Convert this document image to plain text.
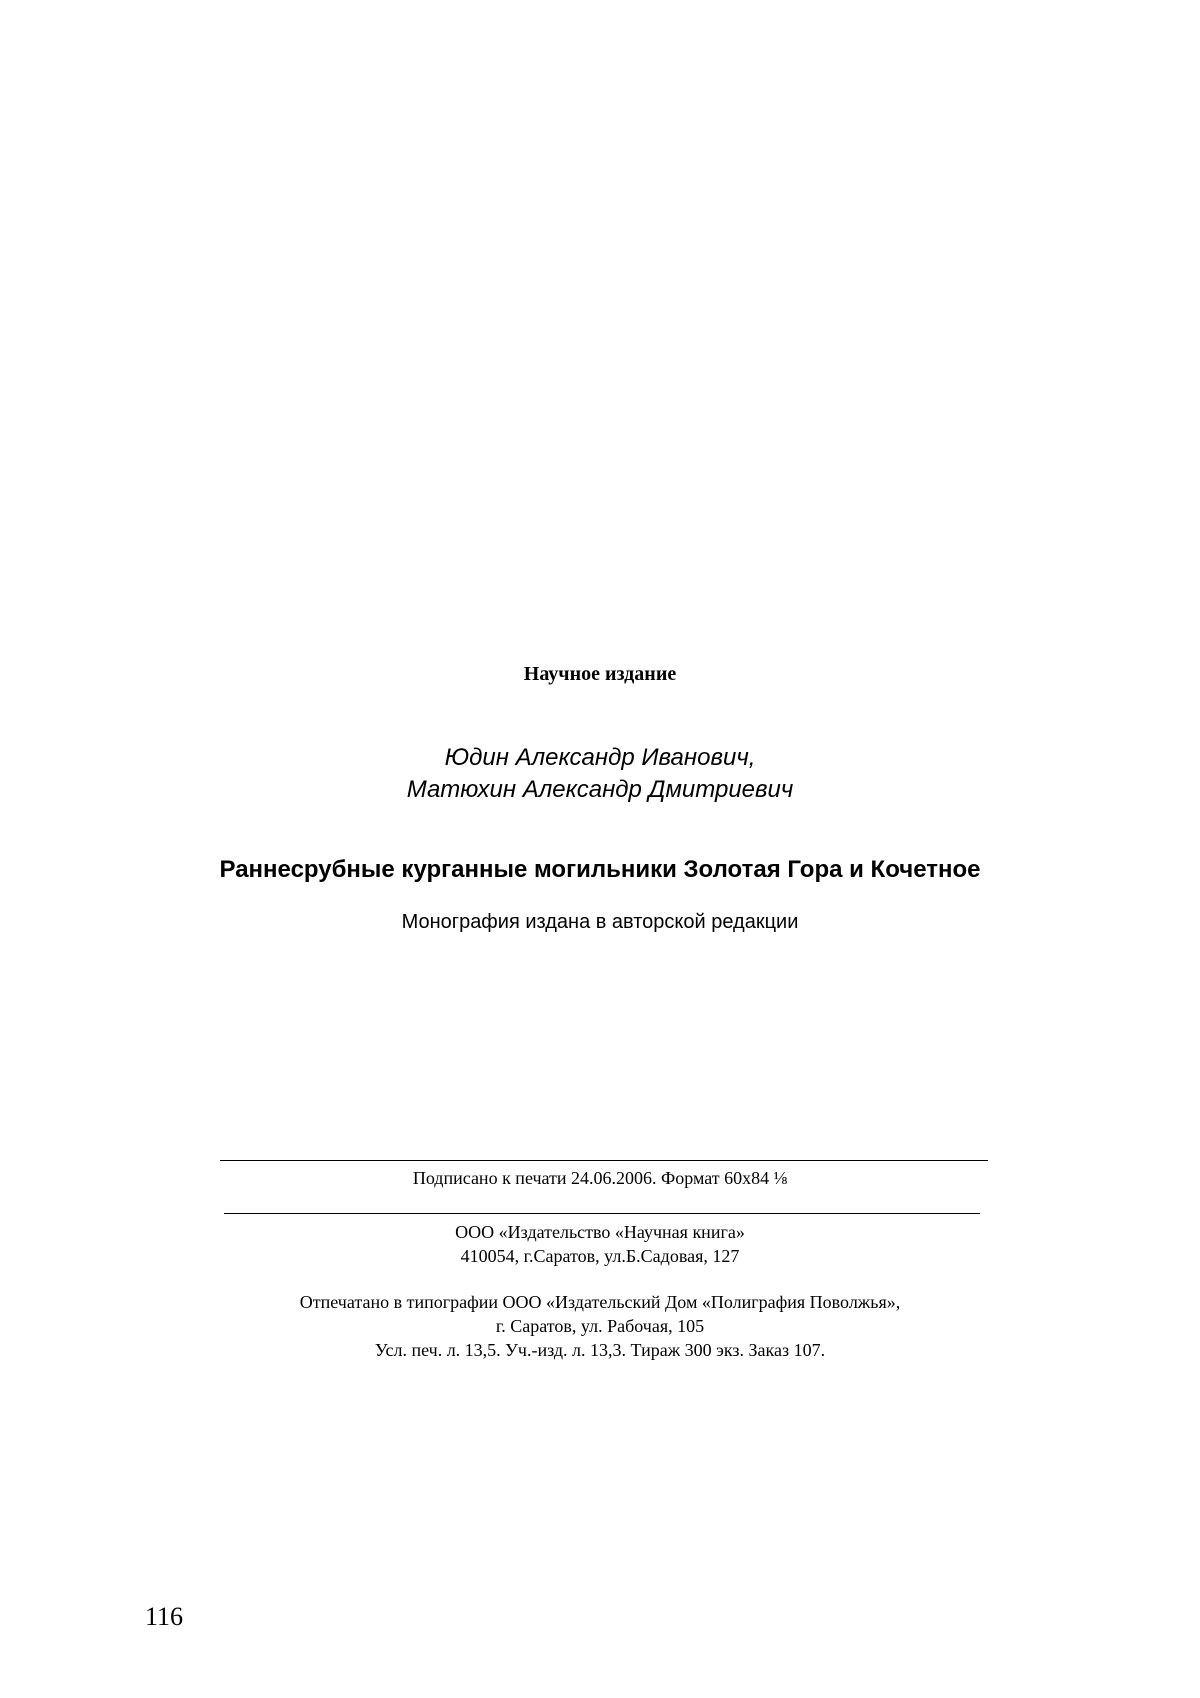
Научное издание
Юдин Александр Иванович,
Матюхин Александр Дмитриевич
Раннесрубные курганные могильники Золотая Гора и Кочетное
Монография издана в авторской редакции
Подписано к печати 24.06.2006. Формат 60х84 ⅛
ООО «Издательство «Научная книга»
410054, г.Саратов, ул.Б.Садовая, 127
Отпечатано в типографии ООО «Издательский Дом «Полиграфия Поволжья»,
г. Саратов, ул. Рабочая, 105
Усл. печ. л. 13,5. Уч.-изд. л. 13,3. Тираж 300 экз. Заказ 107.
116
